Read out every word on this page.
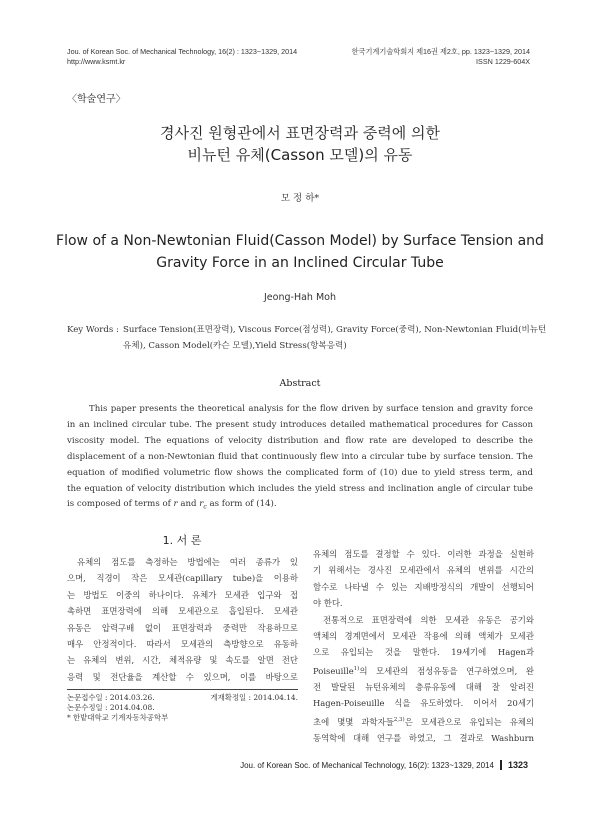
Jou. of Korean Soc. of Mechanical Technology, 16(2) : 1323~1329, 2014
http://www.ksmt.kr
한국기계기술학회지 제16권 제2호, pp. 1323~1329, 2014
ISSN 1229-604X
〈학술연구〉
경사진 원형관에서 표면장력과 중력에 의한
비뉴턴 유체(Casson 모델)의 유동
모 정 하*
Flow of a Non-Newtonian Fluid(Casson Model) by Surface Tension and
Gravity Force in an Inclined Circular Tube
Jeong-Hah Moh
Key Words : Surface Tension(표면장력), Viscous Force(점성력), Gravity Force(중력), Non-Newtonian Fluid(비뉴턴
유체), Casson Model(카슨 모델),Yield Stress(항복응력)
Abstract
This paper presents the theoretical analysis for the flow driven by surface tension and gravity force
in an inclined circular tube. The present study introduces detailed mathematical procedures for Casson
viscosity model. The equations of velocity distribution and flow rate are developed to describe the
displacement of a non-Newtonian fluid that continuously flew into a circular tube by surface tension. The
equation of modified volumetric flow shows the complicated form of (10) due to yield stress term, and
the equation of velocity distribution which includes the yield stress and inclination angle of circular tube
is composed of terms of r and $r_c$ as form of (14).
1. 서 론

유체의 점도를 측정하는 방법에는 여러 종류가 있

으며, 직경이 작은 모세관(capillary tube)을 이용하

는 방법도 이중의 하나이다. 유체가 모세관 입구와 접

촉하면 표면장력에 의해 모세관으로 흡입된다. 모세관

유동은 압력구배 없이 표면장력과 중력만 작용하므로

매우 안정적이다. 따라서 모세관의 측방향으로 유동하

는 유체의 변위, 시간, 체적유량 및 속도를 알면 전단

응력 및 전단율을 계산할 수 있으며, 이를 바탕으로

논문접수일 : 2014.03.26.	게재확정일 : 2014.04.14.
논문수정일 : 2014.04.08.
* 한밭대학교 기계자동차공학부

유체의 점도를 결정할 수 있다. 이러한 과정을 실현하

기 위해서는 경사진 모세관에서 유체의 변위를 시간의

함수로 나타낼 수 있는 지배방정식의 개발이 선행되어

야 한다.

전통적으로 표면장력에 의한 모세관 유동은 공기와

액체의 경계면에서 모세관 작용에 의해 액체가 모세관

으로 유입되는 것을 말한다. 19세기에 Hagen과

Poiseuille$^{1)}$의 모세관의 점성유동을 연구하였으며, 완

전 발달된 뉴턴유체의 층류유동에 대해 잘 알려진

Hagen-Poiseuille 식을 유도하였다. 이어서 20세기

초에 몇몇 과학자들$^{2,3)}$은 모세관으로 유입되는 유체의

동역학에 대해 연구를 하였고, 그 결과로 Washburn

Jou. of Korean Soc. of Mechanical Technology, 16(2): 1323~1329, 2014 1323
